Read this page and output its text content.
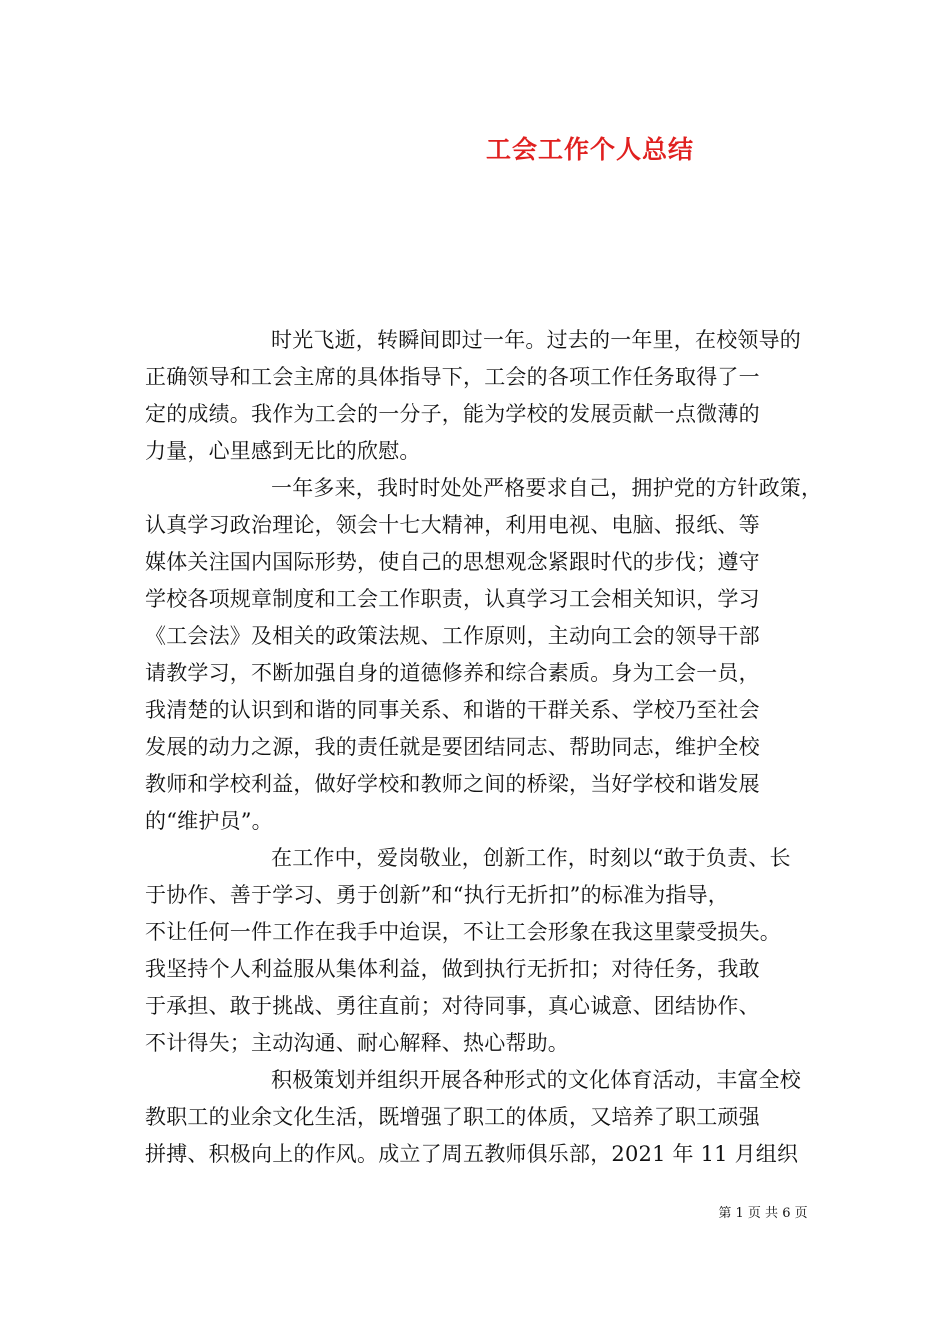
工会工作个人总结

时光飞逝，转瞬间即过一年。过去的一年里，在校领导的
正确领导和工会主席的具体指导下，工会的各项工作任务取得了一
定的成绩。我作为工会的一分子，能为学校的发展贡献一点微薄的
力量，心里感到无比的欣慰。

一年多来，我时时处处严格要求自己，拥护党的方针政策，
认真学习政治理论，领会十七大精神，利用电视、电脑、报纸、等
媒体关注国内国际形势，使自己的思想观念紧跟时代的步伐；遵守
学校各项规章制度和工会工作职责，认真学习工会相关知识，学习
《工会法》及相关的政策法规、工作原则，主动向工会的领导干部
请教学习，不断加强自身的道德修养和综合素质。身为工会一员，
我清楚的认识到和谐的同事关系、和谐的干群关系、学校乃至社会
发展的动力之源，我的责任就是要团结同志、帮助同志，维护全校
教师和学校利益，做好学校和教师之间的桥梁，当好学校和谐发展
的“维护员”。

在工作中，爱岗敬业，创新工作，时刻以“敢于负责、长
于协作、善于学习、勇于创新”和“执行无折扣”的标准为指导，
不让任何一件工作在我手中迨误，不让工会形象在我这里蒙受损失。
我坚持个人利益服从集体利益，做到执行无折扣；对待任务，我敢
于承担、敢于挑战、勇往直前；对待同事，真心诚意、团结协作、
不计得失；主动沟通、耐心解释、热心帮助。

积极策划并组织开展各种形式的文化体育活动，丰富全校
教职工的业余文化生活，既增强了职工的体质，又培养了职工顽强
拼搏、积极向上的作风。成立了周五教师俱乐部，2021 年 11 月组织

第 1 页 共 6 页
